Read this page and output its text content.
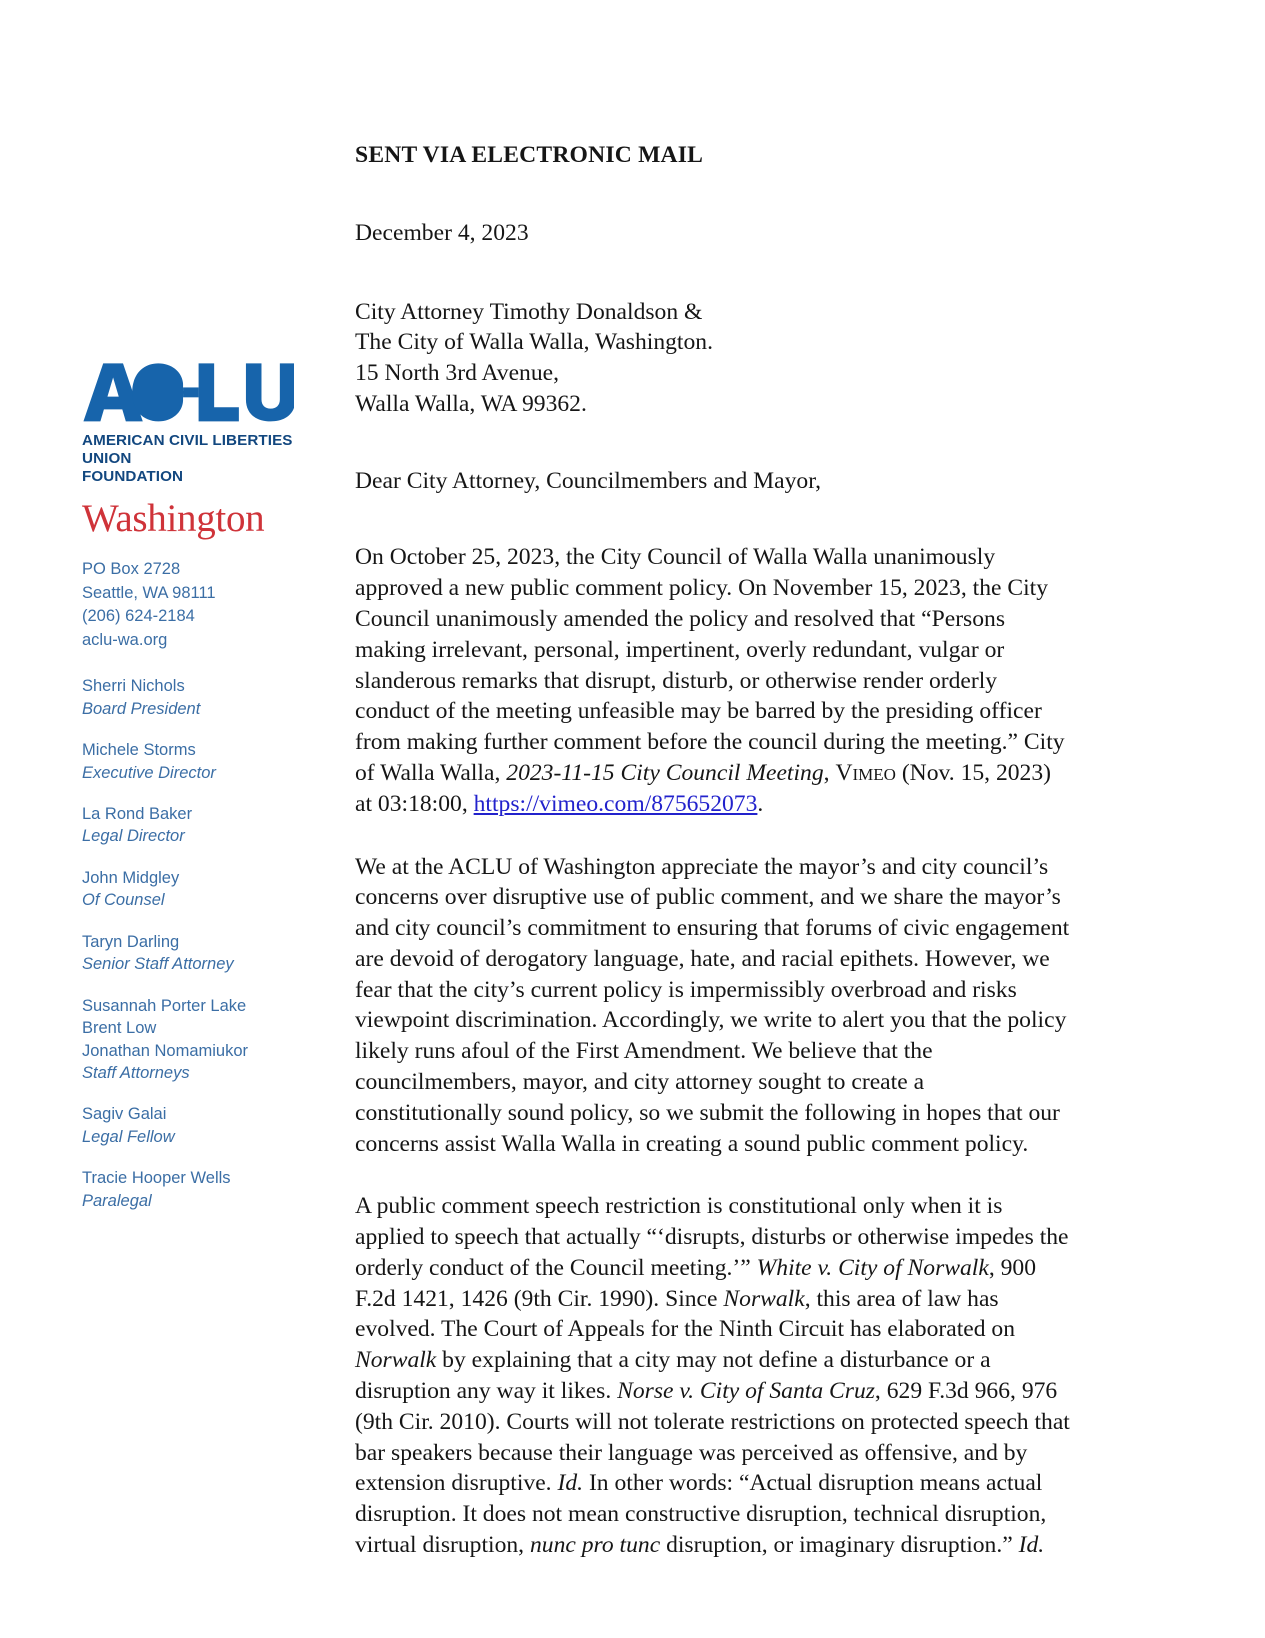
AMERICAN CIVIL LIBERTIES UNION
FOUNDATION
Washington
PO Box 2728
Seattle, WA 98111
(206) 624-2184
aclu-wa.org
Sherri Nichols
Board President
Michele Storms
Executive Director
La Rond Baker
Legal Director
John Midgley
Of Counsel
Taryn Darling
Senior Staff Attorney
Susannah Porter Lake
Brent Low
Jonathan Nomamiukor
Staff Attorneys
Sagiv Galai
Legal Fellow
Tracie Hooper Wells
Paralegal
SENT VIA ELECTRONIC MAIL
December 4, 2023
City Attorney Timothy Donaldson &
The City of Walla Walla, Washington.
15 North 3rd Avenue,
Walla Walla, WA 99362.
Dear City Attorney, Councilmembers and Mayor,

On October 25, 2023, the City Council of Walla Walla unanimously approved a new public comment policy. On November 15, 2023, the City Council unanimously amended the policy and resolved that “Persons making irrelevant, personal, impertinent, overly redundant, vulgar or slanderous remarks that disrupt, disturb, or otherwise render orderly conduct of the meeting unfeasible may be barred by the presiding officer from making further comment before the council during the meeting.” City of Walla Walla, 2023-11-15 City Council Meeting, Vimeo (Nov. 15, 2023) at 03:18:00, https://vimeo.com/875652073.

We at the ACLU of Washington appreciate the mayor’s and city council’s concerns over disruptive use of public comment, and we share the mayor’s and city council’s commitment to ensuring that forums of civic engagement are devoid of derogatory language, hate, and racial epithets. However, we fear that the city’s current policy is impermissibly overbroad and risks viewpoint discrimination. Accordingly, we write to alert you that the policy likely runs afoul of the First Amendment. We believe that the councilmembers, mayor, and city attorney sought to create a constitutionally sound policy, so we submit the following in hopes that our concerns assist Walla Walla in creating a sound public comment policy.

A public comment speech restriction is constitutional only when it is applied to speech that actually “‘disrupts, disturbs or otherwise impedes the orderly conduct of the Council meeting.’” White v. City of Norwalk, 900 F.2d 1421, 1426 (9th Cir. 1990). Since Norwalk, this area of law has evolved. The Court of Appeals for the Ninth Circuit has elaborated on Norwalk by explaining that a city may not define a disturbance or a disruption any way it likes. Norse v. City of Santa Cruz, 629 F.3d 966, 976 (9th Cir. 2010). Courts will not tolerate restrictions on protected speech that bar speakers because their language was perceived as offensive, and by extension disruptive. Id. In other words: “Actual disruption means actual disruption. It does not mean constructive disruption, technical disruption, virtual disruption, nunc pro tunc disruption, or imaginary disruption.” Id.
